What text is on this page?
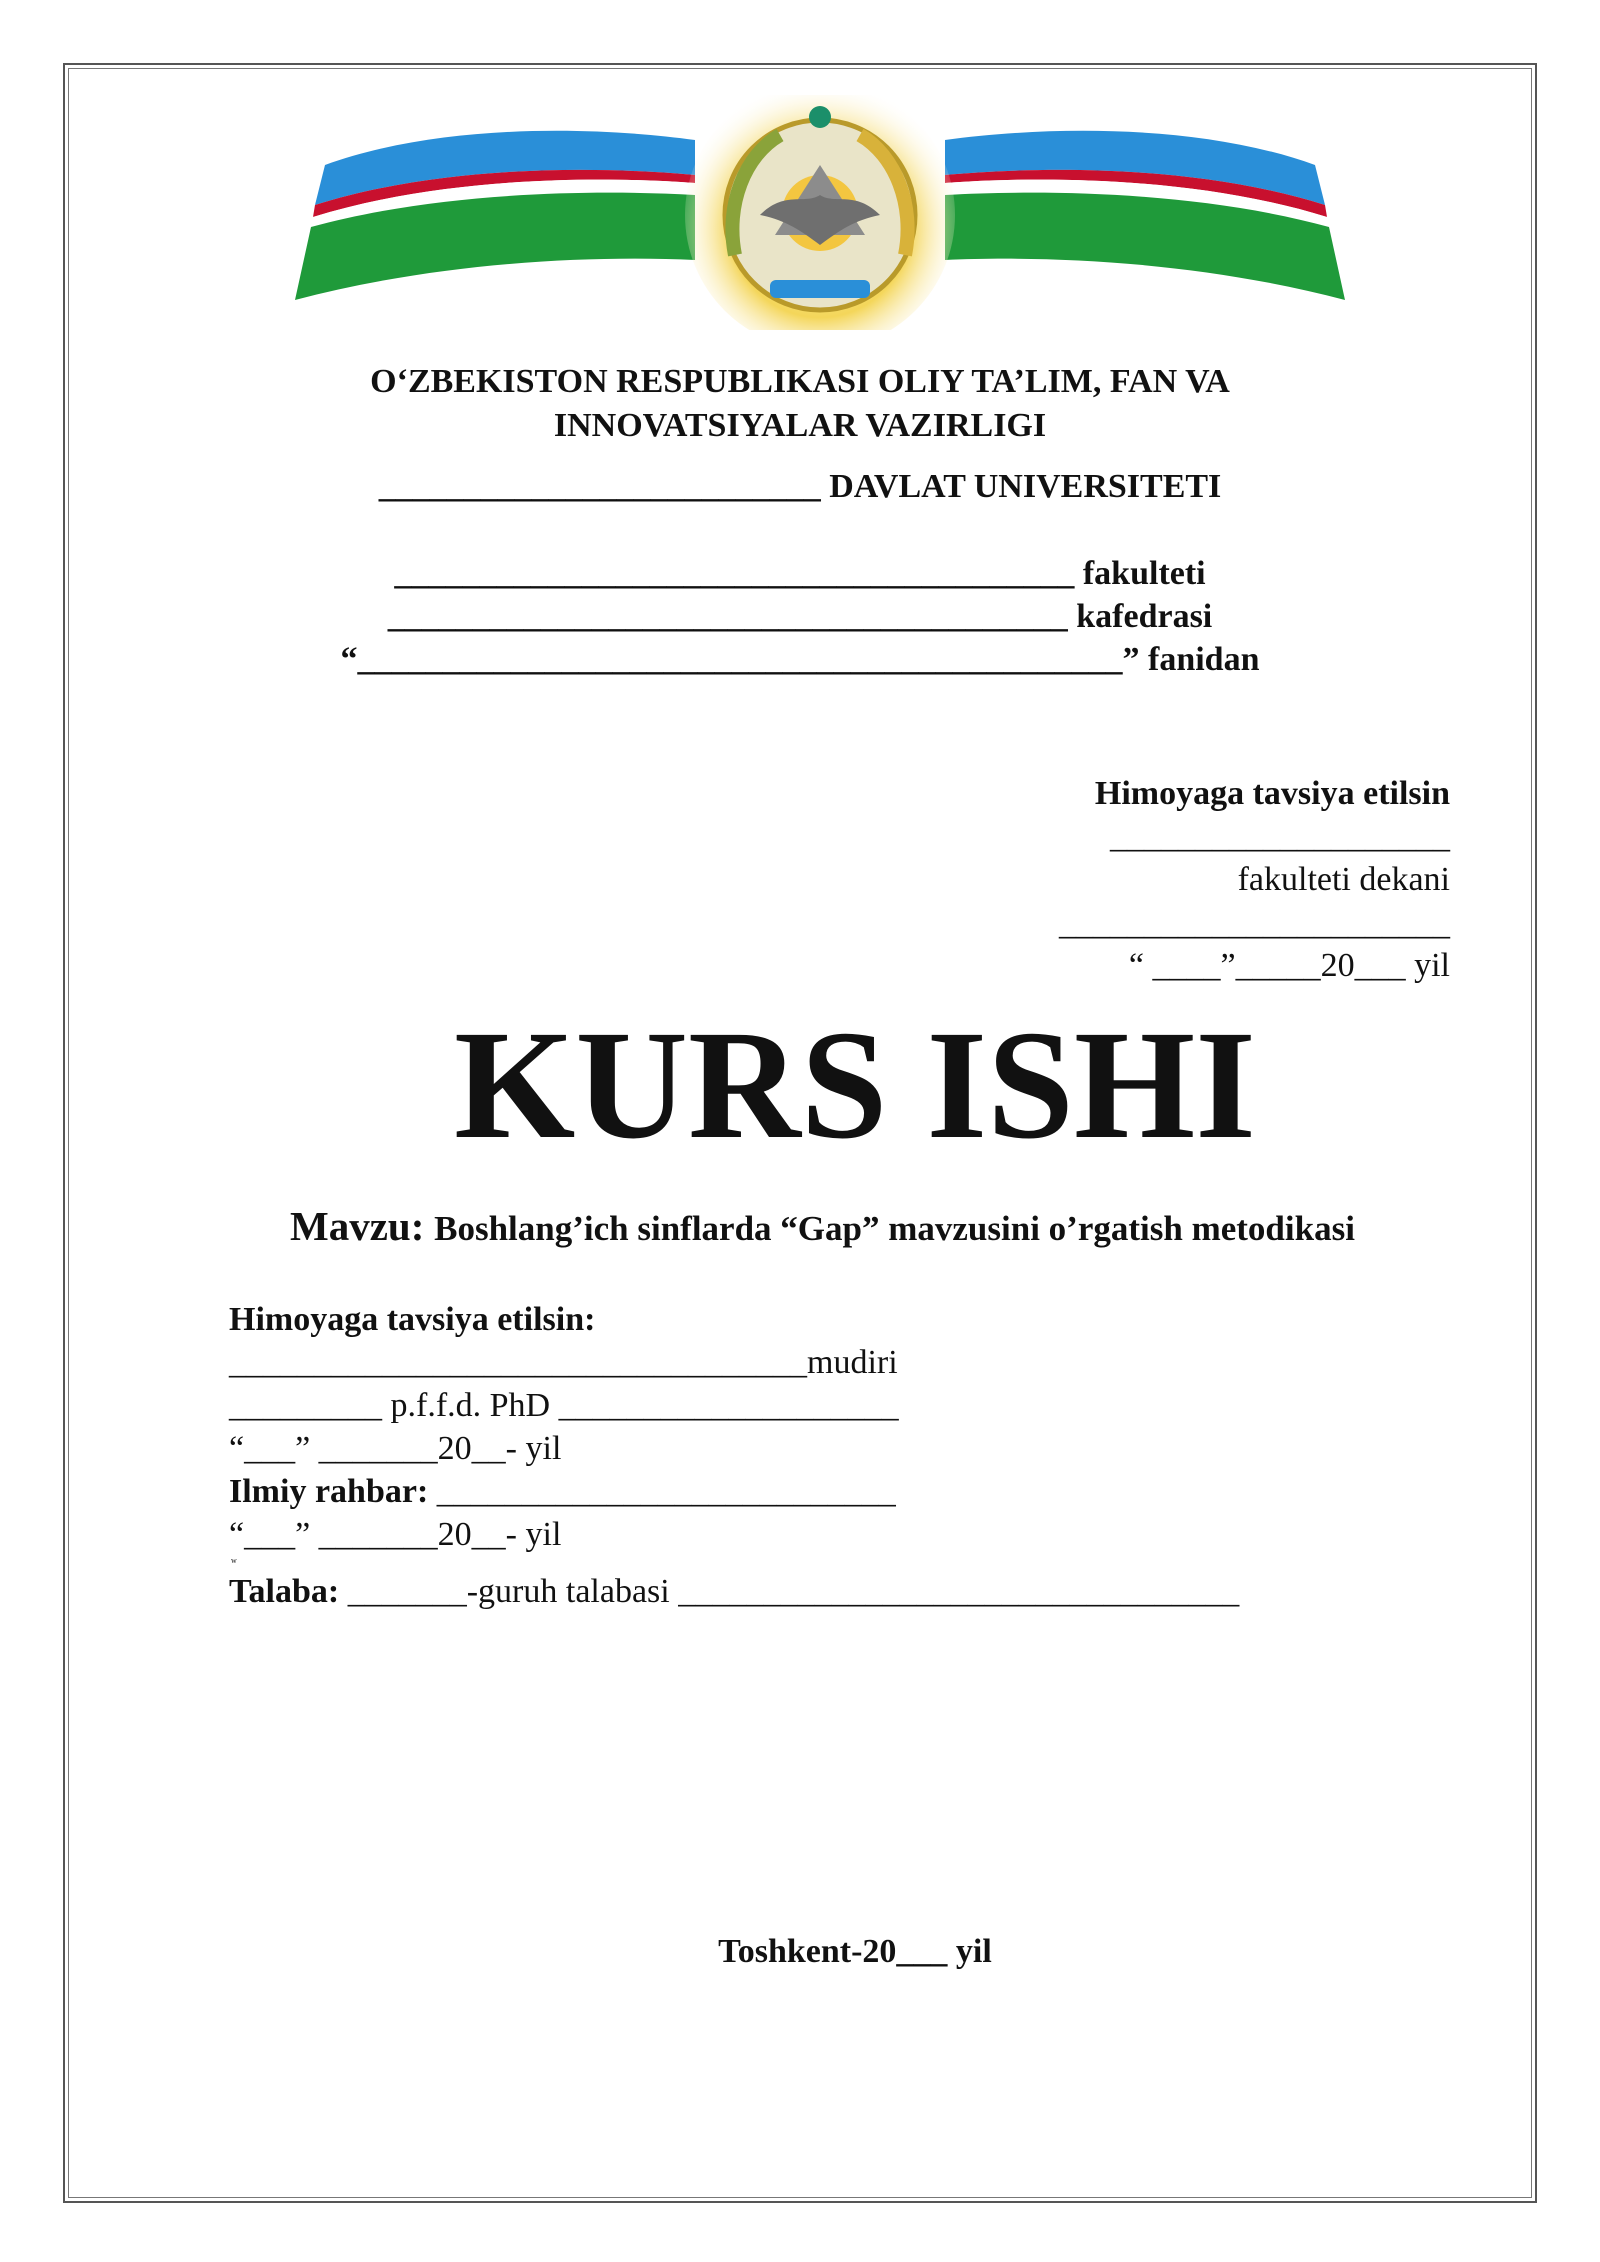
O‘ZBEKISTON RESPUBLIKASI OLIY TA’LIM, FAN VA
INNOVATSIYALAR VAZIRLIGI
__________________________ DAVLAT UNIVERSITETI
________________________________________ fakulteti
________________________________________ kafedrasi
“_____________________________________________” fanidan
Himoyaga tavsiya etilsin
____________________
fakulteti dekani
_______________________
“ ____”_____20___ yil
KURS ISHI
Mavzu: Boshlang’ich sinflarda “Gap” mavzusini o’rgatish metodikasi
Himoyaga tavsiya etilsin:
__________________________________mudiri
_________ p.f.f.d. PhD ____________________
“___” _______20__- yil
Ilmiy rahbar: ___________________________
“___” _______20__- yil
w
Talaba: _______-guruh talabasi _________________________________
Toshkent-20___ yil
